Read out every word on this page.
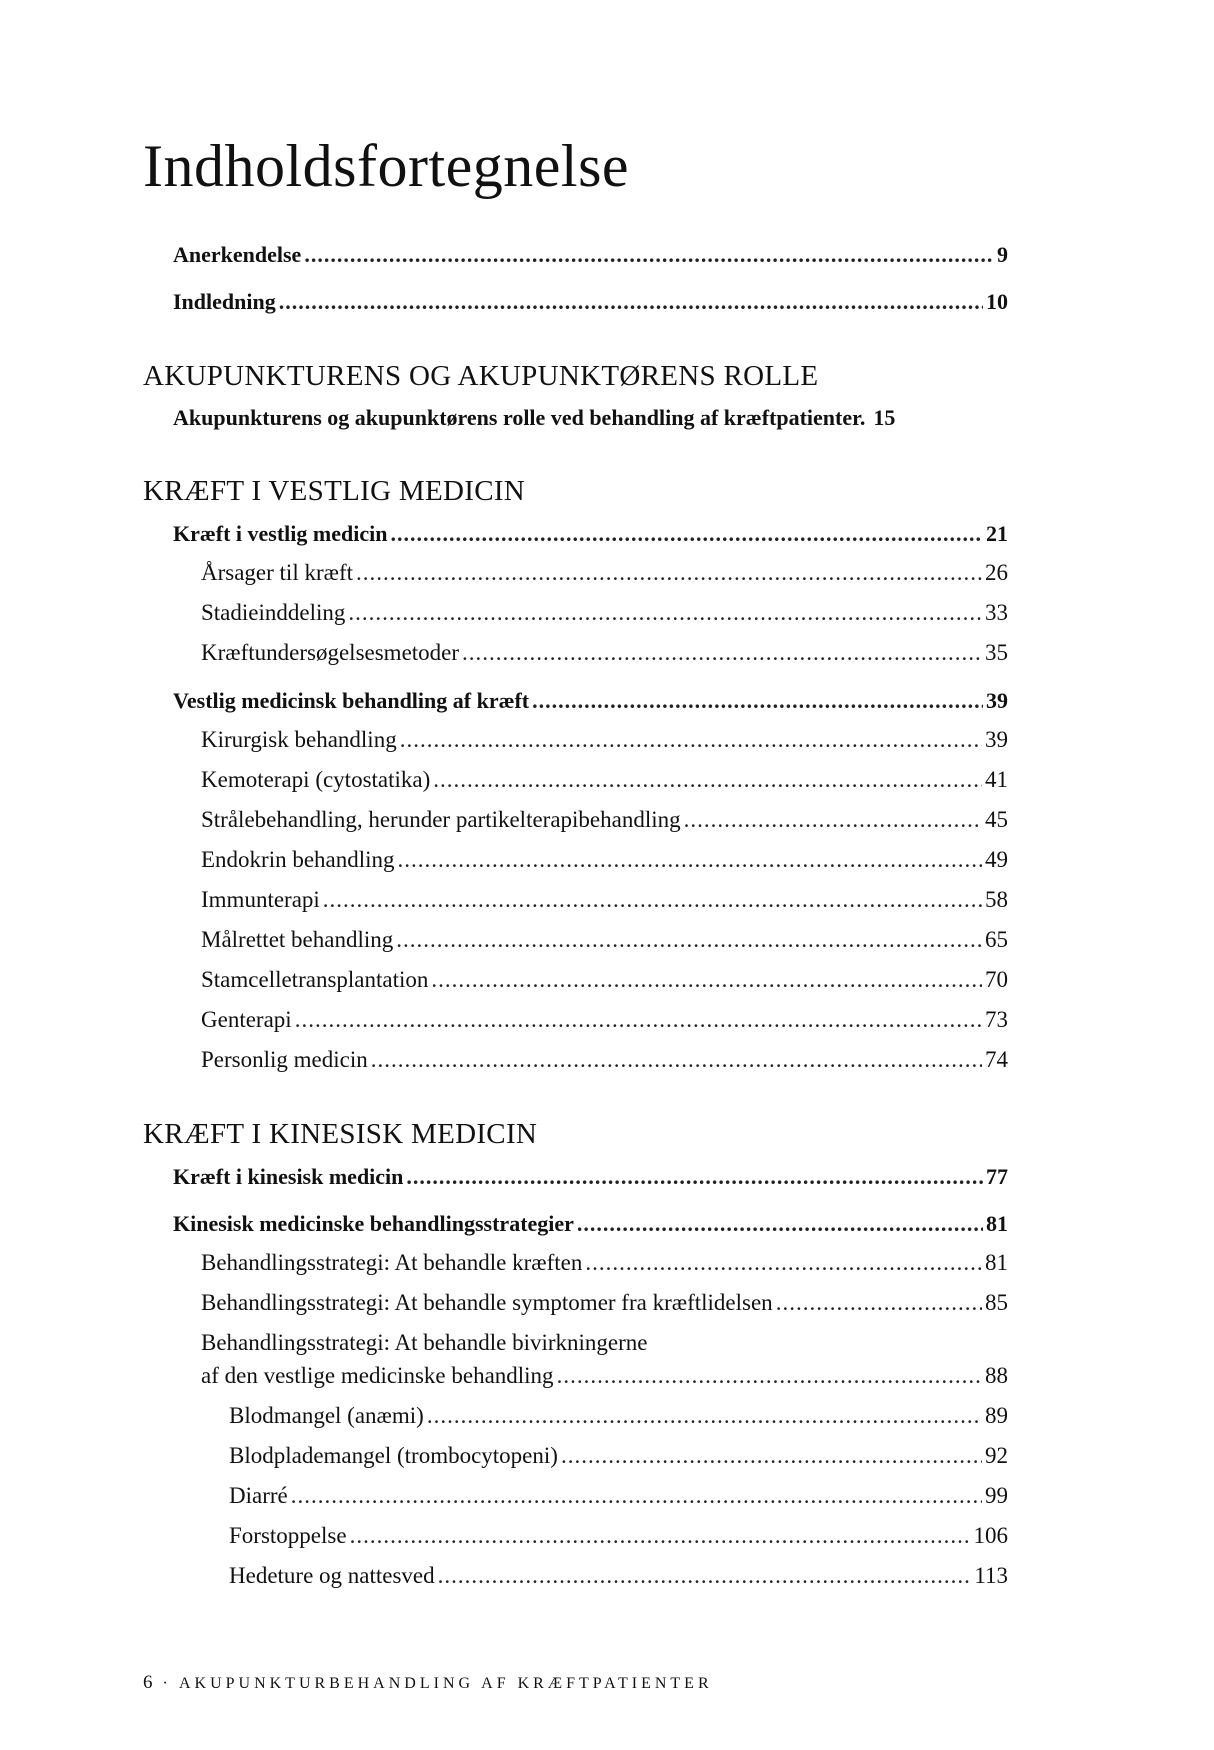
Indholdsfortegnelse
Anerkendelse .....	9
Indledning .....	10
AKUPUNKTURENS OG AKUPUNKTØRENS ROLLE
Akupunkturens og akupunktørens rolle ved behandling af kræftpatienter. 15
KRÆFT I VESTLIG MEDICIN
Kræft i vestlig medicin .....	21
Årsager til kræft .....	26
Stadieinddeling .....	33
Kræftundersøgelsesmetoder .....	35
Vestlig medicinsk behandling af kræft .....	39
Kirurgisk behandling .....	39
Kemoterapi (cytostatika) .....	41
Strålebehandling, herunder partikelterapibehandling .....	45
Endokrin behandling .....	49
Immunterapi .....	58
Målrettet behandling .....	65
Stamcelletransplantation .....	70
Genterapi .....	73
Personlig medicin .....	74
KRÆFT I KINESISK MEDICIN
Kræft i kinesisk medicin .....	77
Kinesisk medicinske behandlingsstrategier .....	81
Behandlingsstrategi: At behandle kræften .....	81
Behandlingsstrategi: At behandle symptomer fra kræftlidelsen .....	85
Behandlingsstrategi: At behandle bivirkningerne
af den vestlige medicinske behandling .....	88
Blodmangel (anæmi) .....	89
Blodplademangel (trombocytopeni) .....	92
Diarré .....	99
Forstoppelse .....	106
Hedeture og nattesved .....	113
6 · AKUPUNKTURBEHANDLING AF KRÆFTPATIENTER
